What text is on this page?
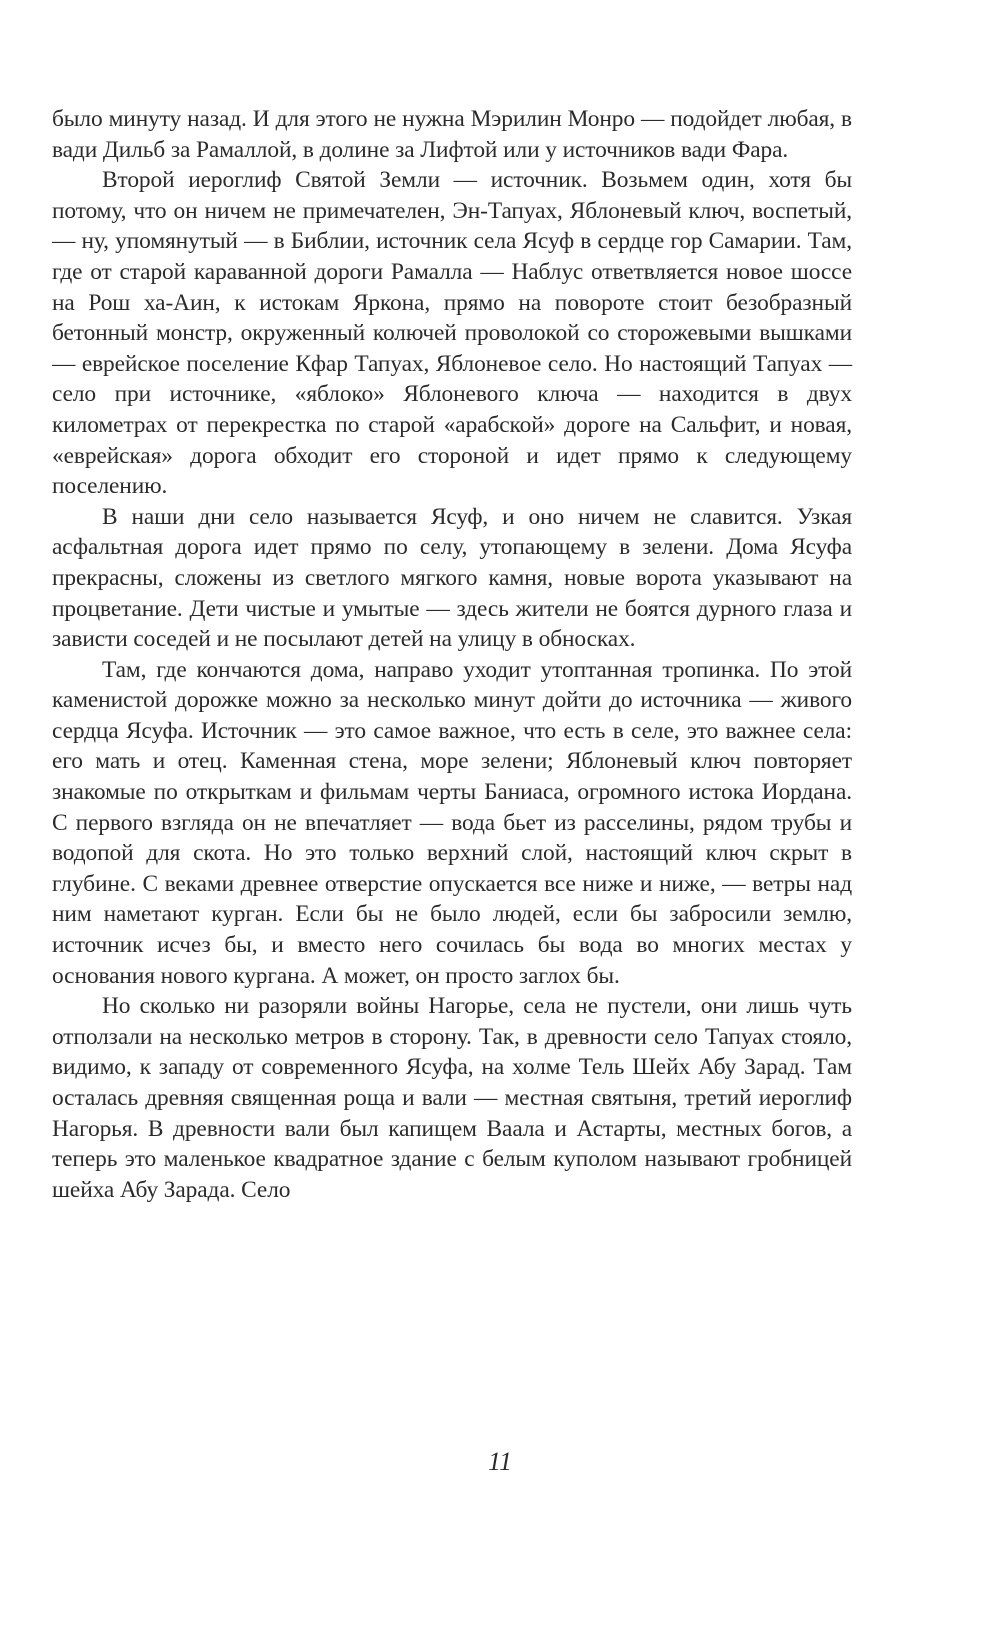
было минуту назад. И для этого не нужна Мэрилин Монро — подойдет любая, в вади Дильб за Рамаллой, в долине за Лифтой или у источников вади Фара.

Второй иероглиф Святой Земли — источник. Возьмем один, хотя бы потому, что он ничем не примечателен, Эн-Тапуах, Яблоневый ключ, воспетый, — ну, упомянутый — в Библии, источник села Ясуф в сердце гор Самарии. Там, где от старой караванной дороги Рамалла — Наблус ответвляется новое шоссе на Рош ха-Аин, к истокам Яркона, прямо на повороте стоит безобразный бетонный монстр, окруженный колючей проволокой со сторожевыми вышками — еврейское поселение Кфар Тапуах, Яблоневое село. Но настоящий Тапуах — село при источнике, «яблоко» Яблоневого ключа — находится в двух километрах от перекрестка по старой «арабской» дороге на Сальфит, и новая, «еврейская» дорога обходит его стороной и идет прямо к следующему поселению.

В наши дни село называется Ясуф, и оно ничем не славится. Узкая асфальтная дорога идет прямо по селу, утопающему в зелени. Дома Ясуфа прекрасны, сложены из светлого мягкого камня, новые ворота указывают на процветание. Дети чистые и умытые — здесь жители не боятся дурного глаза и зависти соседей и не посылают детей на улицу в обносках.

Там, где кончаются дома, направо уходит утоптанная тропинка. По этой каменистой дорожке можно за несколько минут дойти до источника — живого сердца Ясуфа. Источник — это самое важное, что есть в селе, это важнее села: его мать и отец. Каменная стена, море зелени; Яблоневый ключ повторяет знакомые по открыткам и фильмам черты Баниаса, огромного истока Иордана. С первого взгляда он не впечатляет — вода бьет из расселины, рядом трубы и водопой для скота. Но это только верхний слой, настоящий ключ скрыт в глубине. С веками древнее отверстие опускается все ниже и ниже, — ветры над ним наметают курган. Если бы не было людей, если бы забросили землю, источник исчез бы, и вместо него сочилась бы вода во многих местах у основания нового кургана. А может, он просто заглох бы.

Но сколько ни разоряли войны Нагорье, села не пустели, они лишь чуть отползали на несколько метров в сторону. Так, в древности село Тапуах стояло, видимо, к западу от современного Ясуфа, на холме Тель Шейх Абу Зарад. Там осталась древняя священная роща и вали — местная святыня, третий иероглиф Нагорья. В древности вали был капищем Ваала и Астарты, местных богов, а теперь это маленькое квадратное здание с белым куполом называют гробницей шейха Абу Зарада. Село

11
